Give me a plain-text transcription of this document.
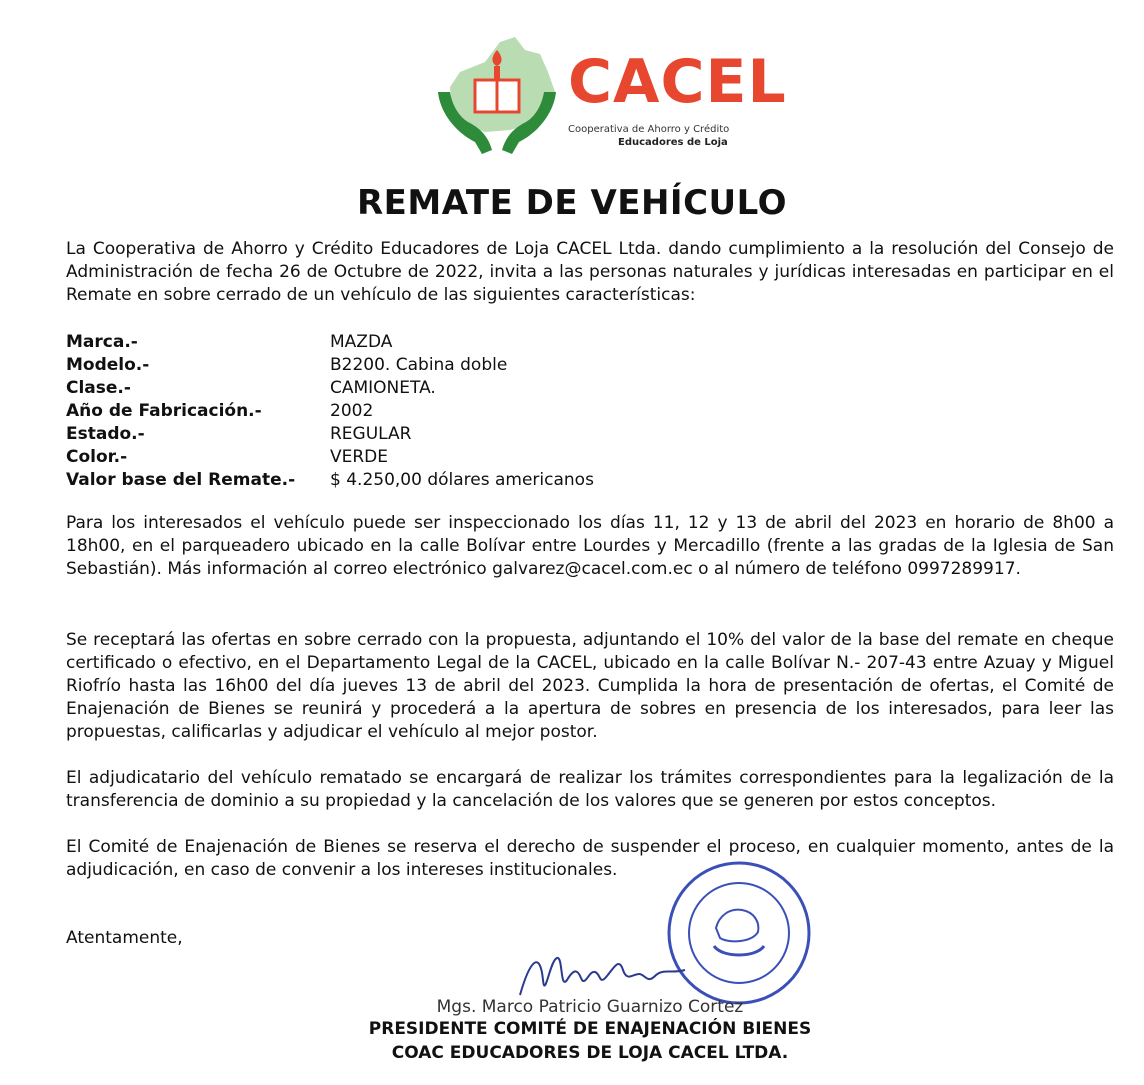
CACEL
Cooperativa de Ahorro y Crédito
Educadores de Loja
REMATE DE VEHÍCULO

La Cooperativa de Ahorro y Crédito Educadores de Loja CACEL Ltda. dando cumplimiento a la resolución del Consejo de Administración de fecha 26 de Octubre de 2022, invita a las personas naturales y jurídicas interesadas en participar en el Remate en sobre cerrado de un vehículo de las siguientes características:

Marca.-	MAZDA
Modelo.-	B2200. Cabina doble
Clase.-	CAMIONETA.
Año de Fabricación.-	2002
Estado.-	REGULAR
Color.-	VERDE
Valor base del Remate.-	$ 4.250,00 dólares americanos

Para los interesados el vehículo puede ser inspeccionado los días 11, 12 y 13 de abril del 2023 en horario de 8h00 a 18h00, en el parqueadero ubicado en la calle Bolívar entre Lourdes y Mercadillo (frente a las gradas de la Iglesia de San Sebastián). Más información al correo electrónico galvarez@cacel.com.ec o al número de teléfono 0997289917.

Se receptará las ofertas en sobre cerrado con la propuesta, adjuntando el 10% del valor de la base del remate en cheque certificado o efectivo, en el Departamento Legal de la CACEL, ubicado en la calle Bolívar N.- 207-43 entre Azuay y Miguel Riofrío hasta las 16h00 del día jueves 13 de abril del 2023. Cumplida la hora de presentación de ofertas, el Comité de Enajenación de Bienes se reunirá y procederá a la apertura de sobres en presencia de los interesados, para leer las propuestas, calificarlas y adjudicar el vehículo al mejor postor.

El adjudicatario del vehículo rematado se encargará de realizar los trámites correspondientes para la legalización de la transferencia de dominio a su propiedad y la cancelación de los valores que se generen por estos conceptos.

El Comité de Enajenación de Bienes se reserva el derecho de suspender el proceso, en cualquier momento, antes de la adjudicación, en caso de convenir a los intereses institucionales.

Atentamente,
Mgs. Marco Patricio Guarnizo Cortez
PRESIDENTE COMITÉ DE ENAJENACIÓN BIENES
COAC EDUCADORES DE LOJA CACEL LTDA.
